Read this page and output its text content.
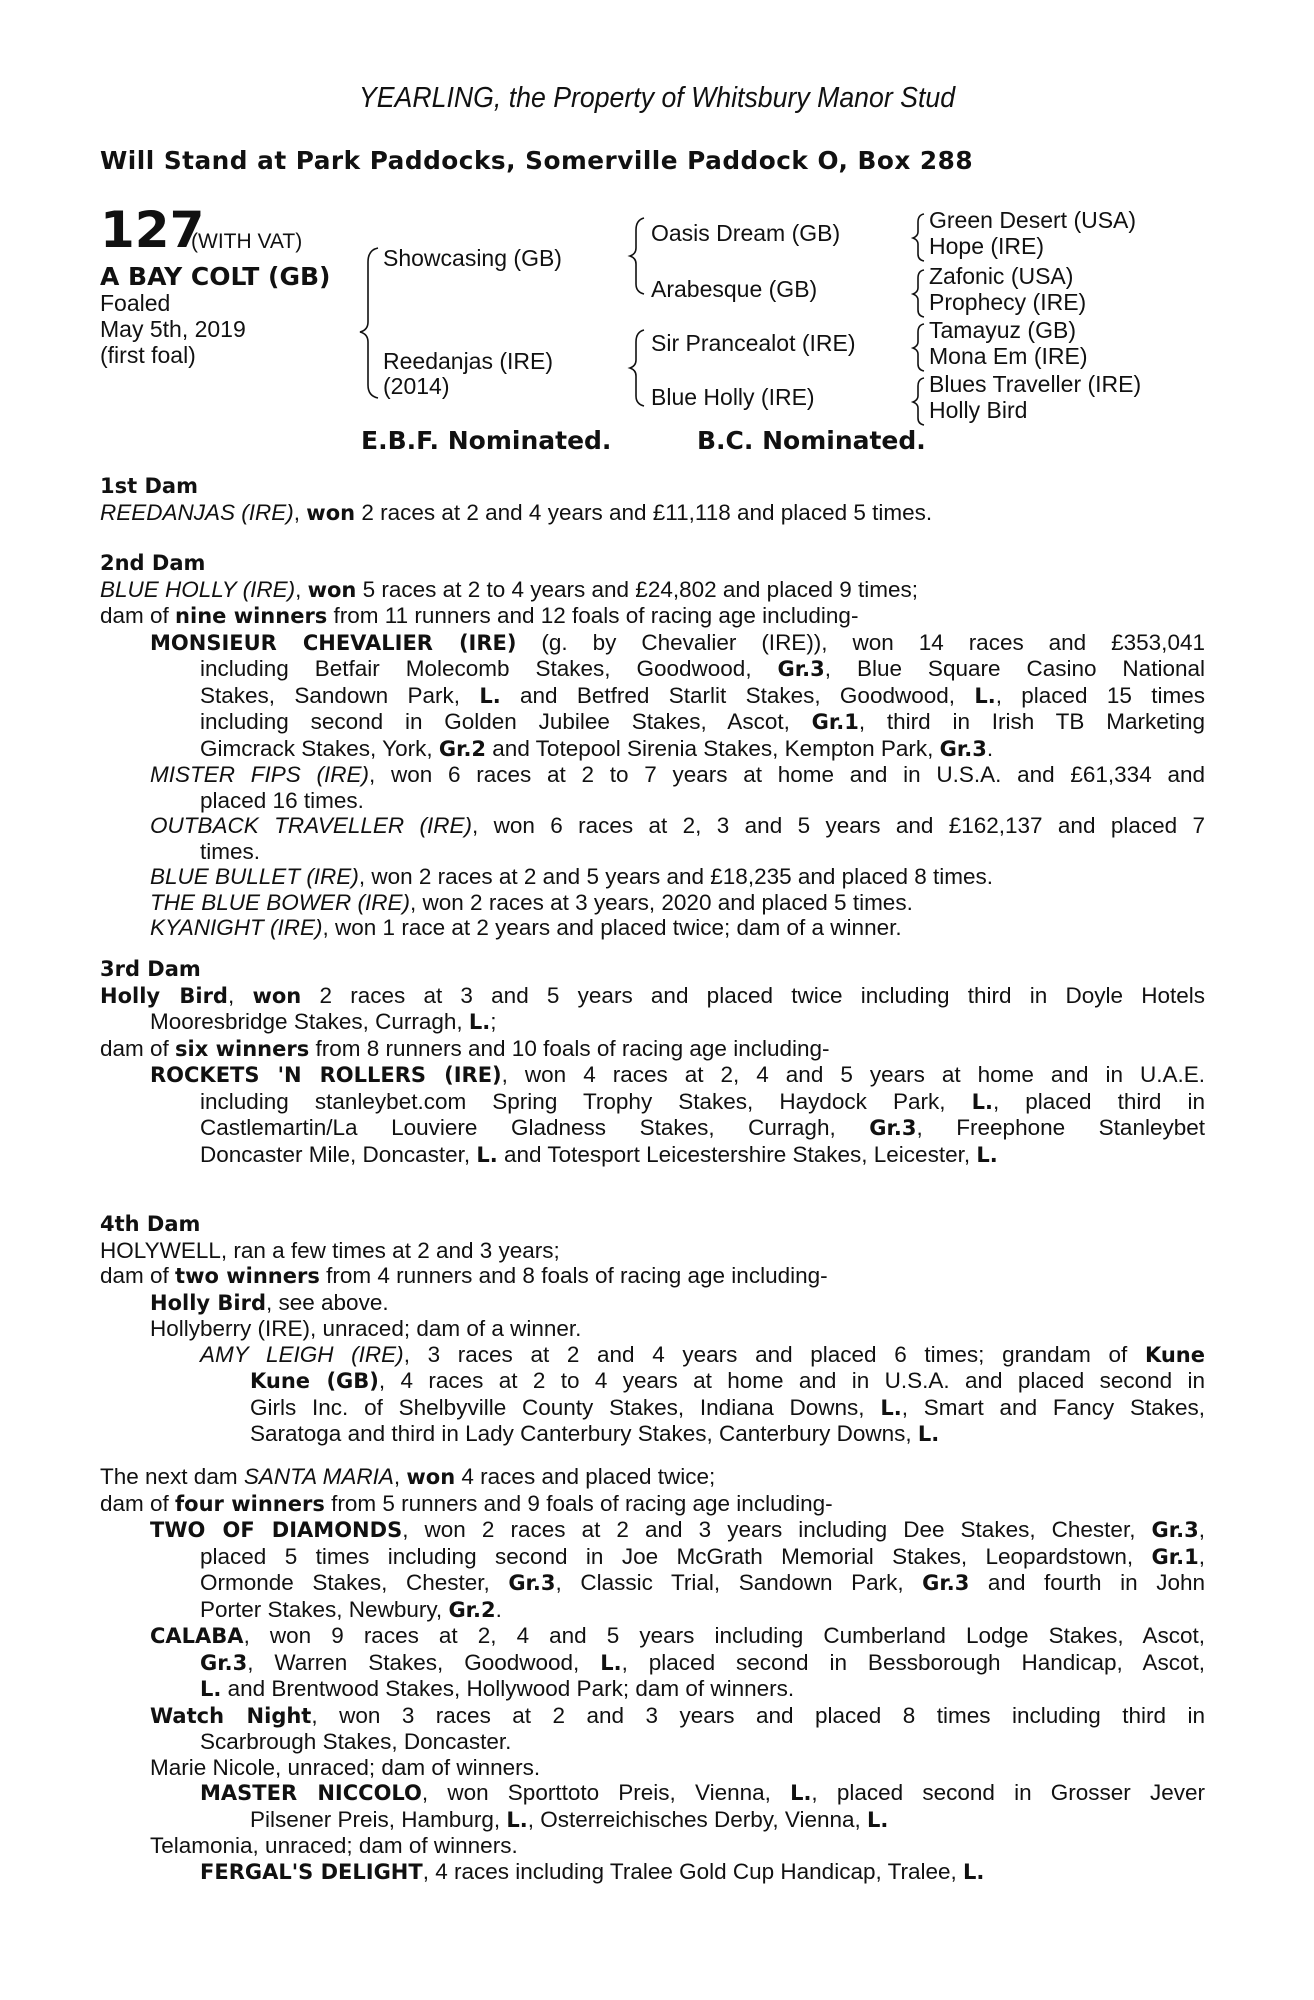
YEARLING, the Property of Whitsbury Manor Stud
Will Stand at Park Paddocks, Somerville Paddock O, Box 288
127
(WITH VAT)
A BAY COLT (GB)
Foaled
May 5th, 2019
(first foal)
Showcasing (GB)
Reedanjas (IRE)
(2014)
Oasis Dream (GB)
Arabesque (GB)
Sir Prancealot (IRE)
Blue Holly (IRE)
Green Desert (USA)
Hope (IRE)
Zafonic (USA)
Prophecy (IRE)
Tamayuz (GB)
Mona Em (IRE)
Blues Traveller (IRE)
Holly Bird
E.B.F. Nominated.	B.C. Nominated.
1st Dam
REEDANJAS (IRE), won 2 races at 2 and 4 years and £11,118 and placed 5 times.
2nd Dam
BLUE HOLLY (IRE), won 5 races at 2 to 4 years and £24,802 and placed 9 times;
dam of nine winners from 11 runners and 12 foals of racing age including-
MONSIEUR CHEVALIER (IRE) (g. by Chevalier (IRE)), won 14 races and £353,041
including Betfair Molecomb Stakes, Goodwood, Gr.3, Blue Square Casino National
Stakes, Sandown Park, L. and Betfred Starlit Stakes, Goodwood, L., placed 15 times
including second in Golden Jubilee Stakes, Ascot, Gr.1, third in Irish TB Marketing
Gimcrack Stakes, York, Gr.2 and Totepool Sirenia Stakes, Kempton Park, Gr.3.
MISTER FIPS (IRE), won 6 races at 2 to 7 years at home and in U.S.A. and £61,334 and
placed 16 times.
OUTBACK TRAVELLER (IRE), won 6 races at 2, 3 and 5 years and £162,137 and placed 7
times.
BLUE BULLET (IRE), won 2 races at 2 and 5 years and £18,235 and placed 8 times.
THE BLUE BOWER (IRE), won 2 races at 3 years, 2020 and placed 5 times.
KYANIGHT (IRE), won 1 race at 2 years and placed twice; dam of a winner.
3rd Dam
Holly Bird, won 2 races at 3 and 5 years and placed twice including third in Doyle Hotels
Mooresbridge Stakes, Curragh, L.;
dam of six winners from 8 runners and 10 foals of racing age including-
ROCKETS 'N ROLLERS (IRE), won 4 races at 2, 4 and 5 years at home and in U.A.E.
including stanleybet.com Spring Trophy Stakes, Haydock Park, L., placed third in
Castlemartin/La Louviere Gladness Stakes, Curragh, Gr.3, Freephone Stanleybet
Doncaster Mile, Doncaster, L. and Totesport Leicestershire Stakes, Leicester, L.
4th Dam
HOLYWELL, ran a few times at 2 and 3 years;
dam of two winners from 4 runners and 8 foals of racing age including-
Holly Bird, see above.
Hollyberry (IRE), unraced; dam of a winner.
AMY LEIGH (IRE), 3 races at 2 and 4 years and placed 6 times; grandam of Kune
Kune (GB), 4 races at 2 to 4 years at home and in U.S.A. and placed second in
Girls Inc. of Shelbyville County Stakes, Indiana Downs, L., Smart and Fancy Stakes,
Saratoga and third in Lady Canterbury Stakes, Canterbury Downs, L.
The next dam SANTA MARIA, won 4 races and placed twice;
dam of four winners from 5 runners and 9 foals of racing age including-
TWO OF DIAMONDS, won 2 races at 2 and 3 years including Dee Stakes, Chester, Gr.3,
placed 5 times including second in Joe McGrath Memorial Stakes, Leopardstown, Gr.1,
Ormonde Stakes, Chester, Gr.3, Classic Trial, Sandown Park, Gr.3 and fourth in John
Porter Stakes, Newbury, Gr.2.
CALABA, won 9 races at 2, 4 and 5 years including Cumberland Lodge Stakes, Ascot,
Gr.3, Warren Stakes, Goodwood, L., placed second in Bessborough Handicap, Ascot,
L. and Brentwood Stakes, Hollywood Park; dam of winners.
Watch Night, won 3 races at 2 and 3 years and placed 8 times including third in
Scarbrough Stakes, Doncaster.
Marie Nicole, unraced; dam of winners.
MASTER NICCOLO, won Sporttoto Preis, Vienna, L., placed second in Grosser Jever
Pilsener Preis, Hamburg, L., Osterreichisches Derby, Vienna, L.
Telamonia, unraced; dam of winners.
FERGAL'S DELIGHT, 4 races including Tralee Gold Cup Handicap, Tralee, L.
